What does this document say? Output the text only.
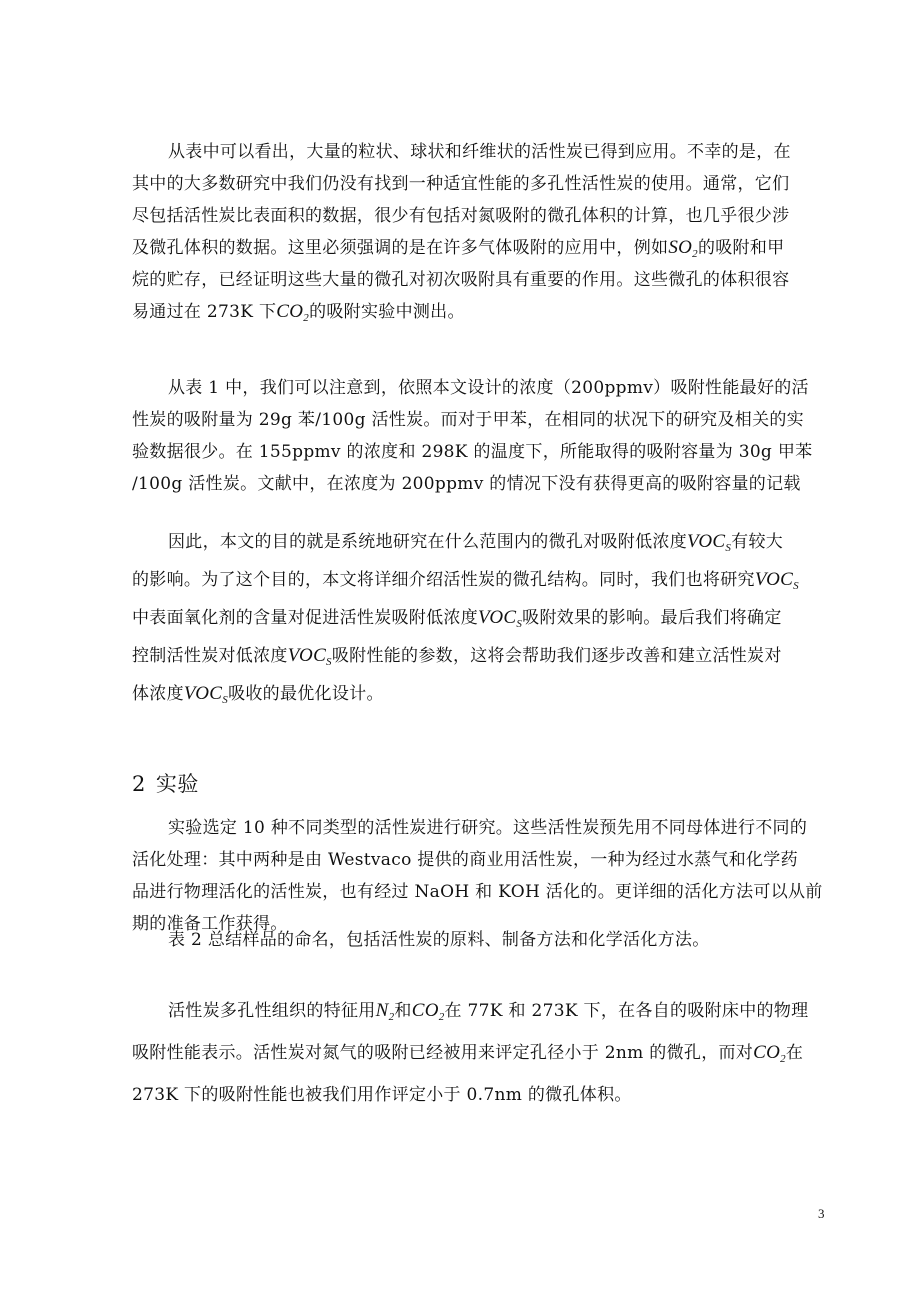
从表中可以看出，大量的粒状、球状和纤维状的活性炭已得到应用。不幸的是，在
其中的大多数研究中我们仍没有找到一种适宜性能的多孔性活性炭的使用。通常，它们
尽包括活性炭比表面积的数据，很少有包括对氮吸附的微孔体积的计算，也几乎很少涉
及微孔体积的数据。这里必须强调的是在许多气体吸附的应用中，例如$SO_2$的吸附和甲
烷的贮存，已经证明这些大量的微孔对初次吸附具有重要的作用。这些微孔的体积很容
易通过在 273K 下$CO_2$的吸附实验中测出。
从表 1 中，我们可以注意到，依照本文设计的浓度（200ppmv）吸附性能最好的活
性炭的吸附量为 29g 苯/100g 活性炭。而对于甲苯，在相同的状况下的研究及相关的实
验数据很少。在 155ppmv 的浓度和 298K 的温度下，所能取得的吸附容量为 30g 甲苯
/100g 活性炭。文献中，在浓度为 200ppmv 的情况下没有获得更高的吸附容量的记载
因此，本文的目的就是系统地研究在什么范围内的微孔对吸附低浓度$VOC_S$有较大
的影响。为了这个目的，本文将详细介绍活性炭的微孔结构。同时，我们也将研究$VOC_S$
中表面氧化剂的含量对促进活性炭吸附低浓度$VOC_S$吸附效果的影响。最后我们将确定
控制活性炭对低浓度$VOC_S$吸附性能的参数，这将会帮助我们逐步改善和建立活性炭对
体浓度$VOC_S$吸收的最优化设计。
2 实验
实验选定 10 种不同类型的活性炭进行研究。这些活性炭预先用不同母体进行不同的
活化处理：其中两种是由 Westvaco 提供的商业用活性炭，一种为经过水蒸气和化学药
品进行物理活化的活性炭，也有经过 NaOH 和 KOH 活化的。更详细的活化方法可以从前
期的准备工作获得。
表 2 总结样品的命名，包括活性炭的原料、制备方法和化学活化方法。
活性炭多孔性组织的特征用$N_2$和$CO_2$在 77K 和 273K 下，在各自的吸附床中的物理
吸附性能表示。活性炭对氮气的吸附已经被用来评定孔径小于 2nm 的微孔，而对$CO_2$在
273K 下的吸附性能也被我们用作评定小于 0.7nm 的微孔体积。
3
